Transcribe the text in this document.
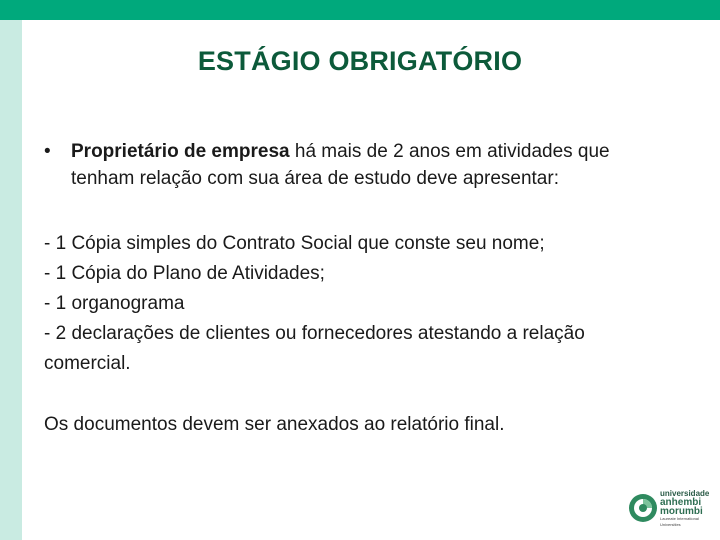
ESTÁGIO OBRIGATÓRIO
•	Proprietário de empresa há mais de 2 anos em atividades que tenham relação com sua área de estudo deve apresentar:
- 1 Cópia simples do Contrato Social que conste seu nome;
- 1 Cópia do Plano de Atividades;
- 1 organograma
- 2 declarações de clientes ou fornecedores atestando a relação comercial.
Os documentos devem ser anexados ao relatório final.
universidade
anhembi
morumbi
Laureate International Universities
